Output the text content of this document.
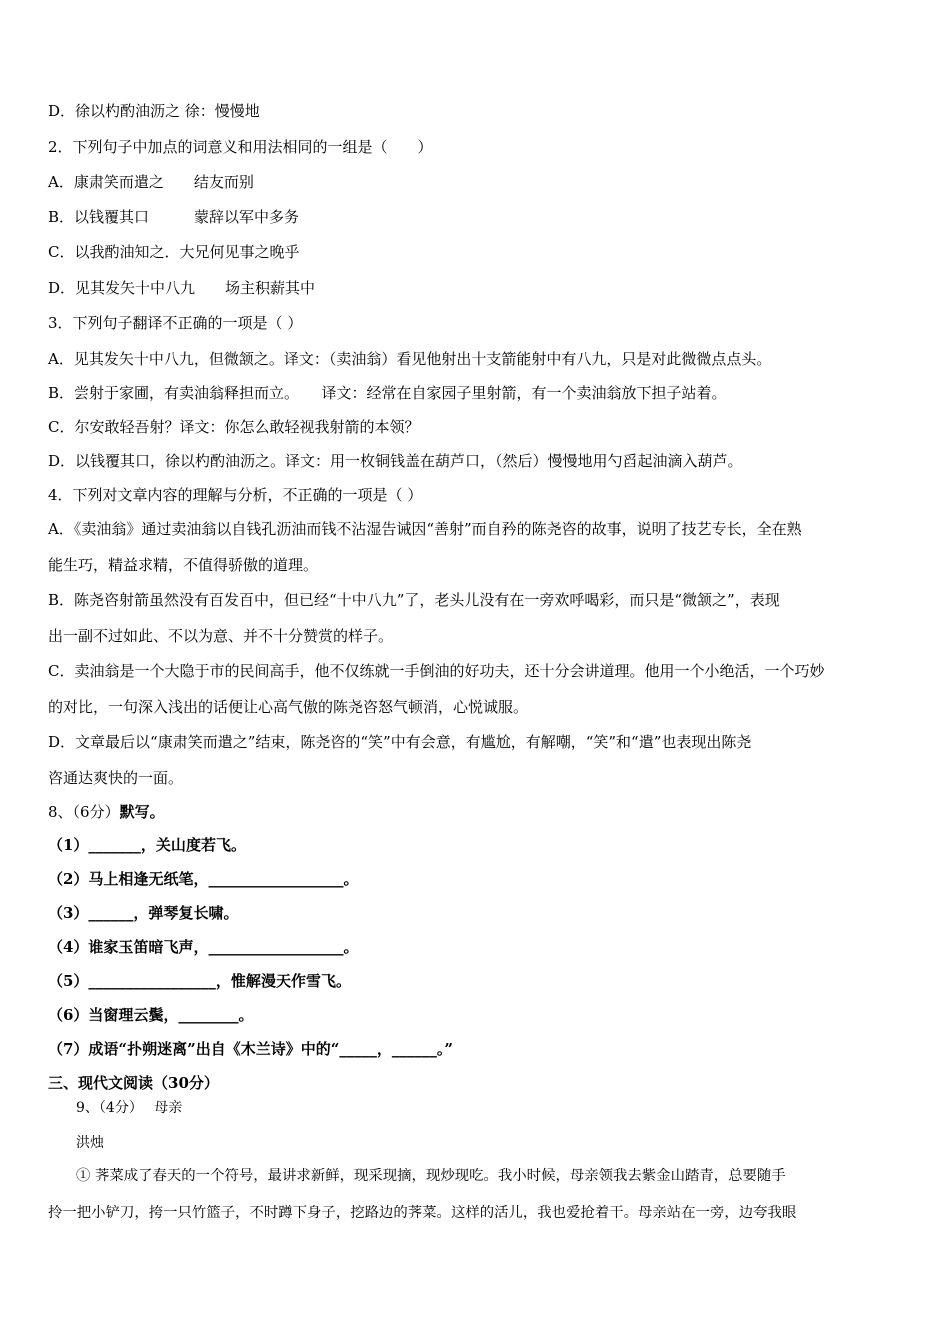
D．徐以杓酌油沥之 徐：慢慢地
2．下列句子中加点的词意义和用法相同的一组是（　　）
A．康肃笑而遣之　　结友而别
B．以钱覆其口　　　蒙辞以军中多务
C．以我酌油知之．大兄何见事之晚乎
D．见其发矢十中八九　　场主积薪其中
3．下列句子翻译不正确的一项是（ ）
A．见其发矢十中八九，但微颔之。译文：（卖油翁）看见他射出十支箭能射中有八九，只是对此微微点点头。
B．尝射于家圃，有卖油翁释担而立。　　译文：经常在自家园子里射箭，有一个卖油翁放下担子站着。
C．尔安敢轻吾射？译文：你怎么敢轻视我射箭的本领？
D．以钱覆其口，徐以杓酌油沥之。译文：用一枚铜钱盖在葫芦口，（然后）慢慢地用勺舀起油滴入葫芦。
4．下列对文章内容的理解与分析，不正确的一项是（ ）
A．《卖油翁》通过卖油翁以自钱孔沥油而钱不沾湿告诫因“善射”而自矜的陈尧咨的故事，说明了技艺专长，全在熟
能生巧，精益求精，不值得骄傲的道理。
B．陈尧咨射箭虽然没有百发百中，但已经“十中八九”了，老头儿没有在一旁欢呼喝彩，而只是“微颔之”，表现
出一副不过如此、不以为意、并不十分赞赏的样子。
C．卖油翁是一个大隐于市的民间高手，他不仅练就一手倒油的好功夫，还十分会讲道理。他用一个小绝活，一个巧妙
的对比，一句深入浅出的话便让心高气傲的陈尧咨怒气顿消，心悦诚服。
D．文章最后以“康肃笑而遣之”结束，陈尧咨的“笑”中有会意，有尴尬，有解嘲，“笑”和“遣”也表现出陈尧
咨通达爽快的一面。
8、（6分）默写。
（1）_______，关山度若飞。
（2）马上相逢无纸笔，__________________。
（3）______，弹琴复长啸。
（4）谁家玉笛暗飞声，__________________。
（5）_________________，惟解漫天作雪飞。
（6）当窗理云鬓，________。
（7）成语“扑朔迷离”出自《木兰诗》中的“_____，______。”
三、现代文阅读（30分）
9、（4分）　 母亲
洪烛
① 荠菜成了春天的一个符号，最讲求新鲜，现采现摘，现炒现吃。我小时候，母亲领我去紫金山踏青，总要随手
拎一把小铲刀，挎一只竹篮子，不时蹲下身子，挖路边的荠菜。这样的活儿，我也爱抢着干。母亲站在一旁，边夸我眼
